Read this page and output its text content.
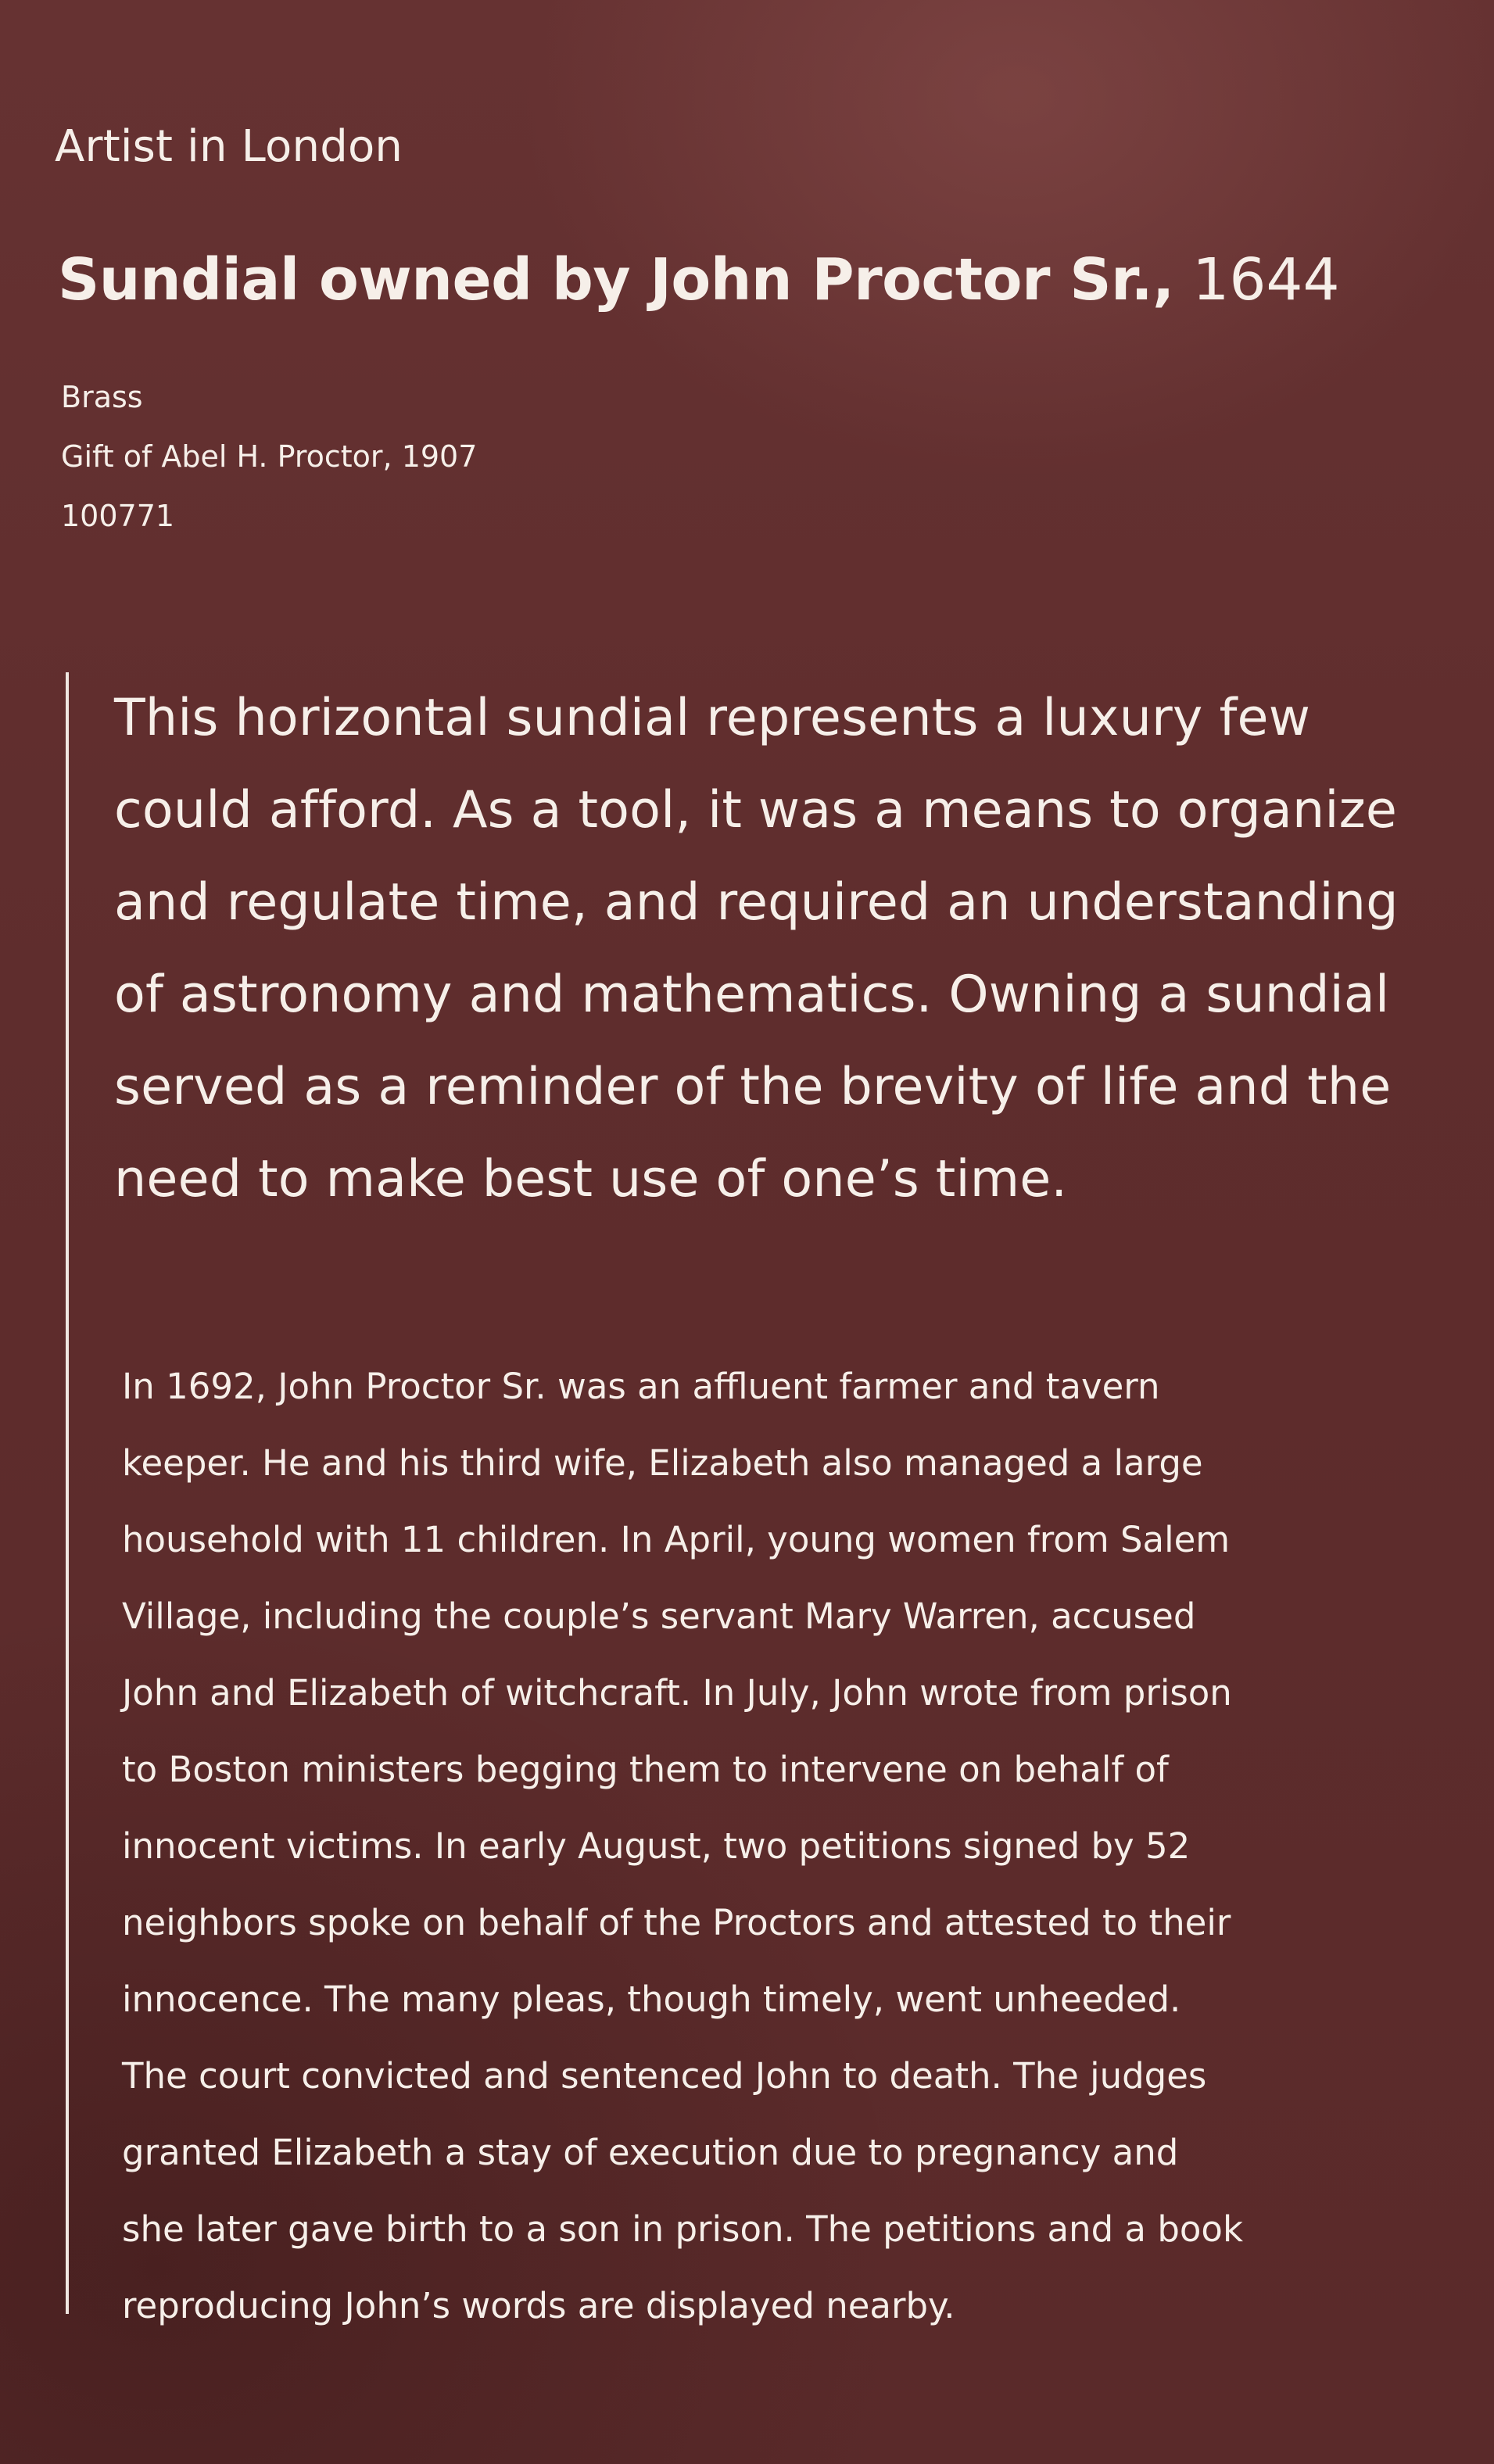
Artist in London
Sundial owned by John Proctor Sr., 1644
Brass
Gift of Abel H. Proctor, 1907
100771
This horizontal sundial represents a luxury few
could afford. As a tool, it was a means to organize
and regulate time, and required an understanding
of astronomy and mathematics. Owning a sundial
served as a reminder of the brevity of life and the
need to make best use of one’s time.
In 1692, John Proctor Sr. was an affluent farmer and tavern
keeper. He and his third wife, Elizabeth also managed a large
household with 11 children. In April, young women from Salem
Village, including the couple’s servant Mary Warren, accused
John and Elizabeth of witchcraft. In July, John wrote from prison
to Boston ministers begging them to intervene on behalf of
innocent victims. In early August, two petitions signed by 52
neighbors spoke on behalf of the Proctors and attested to their
innocence. The many pleas, though timely, went unheeded.
The court convicted and sentenced John to death. The judges
granted Elizabeth a stay of execution due to pregnancy and
she later gave birth to a son in prison. The petitions and a book
reproducing John’s words are displayed nearby.
